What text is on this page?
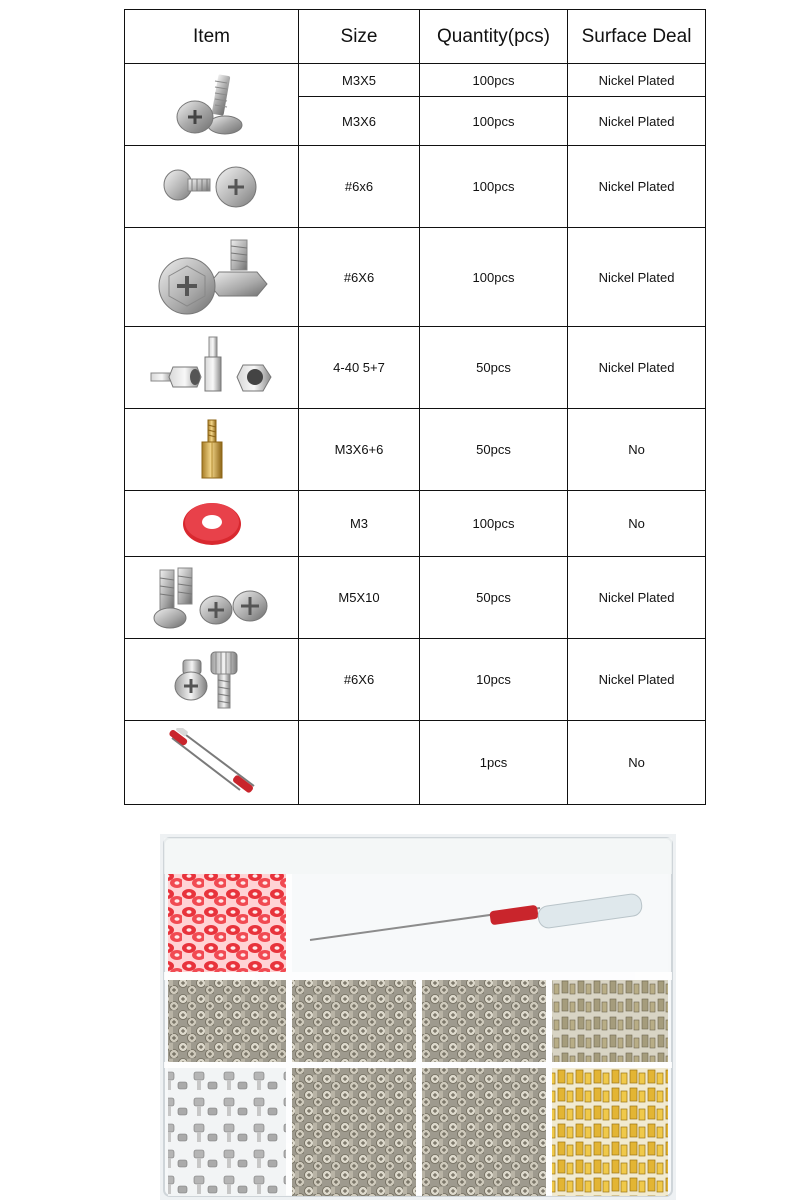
Item	Size	Quantity(pcs)	Surface Deal

	M3X5	100pcs	Nickel Plated
	M3X6	100pcs	Nickel Plated

	#6x6	100pcs	Nickel Plated

	#6X6	100pcs	Nickel Plated

	4-40 5+7	50pcs	Nickel Plated

	M3X6+6	50pcs	No

	M3	100pcs	No

	M5X10	50pcs	Nickel Plated

	#6X6	10pcs	Nickel Plated

		1pcs	No
